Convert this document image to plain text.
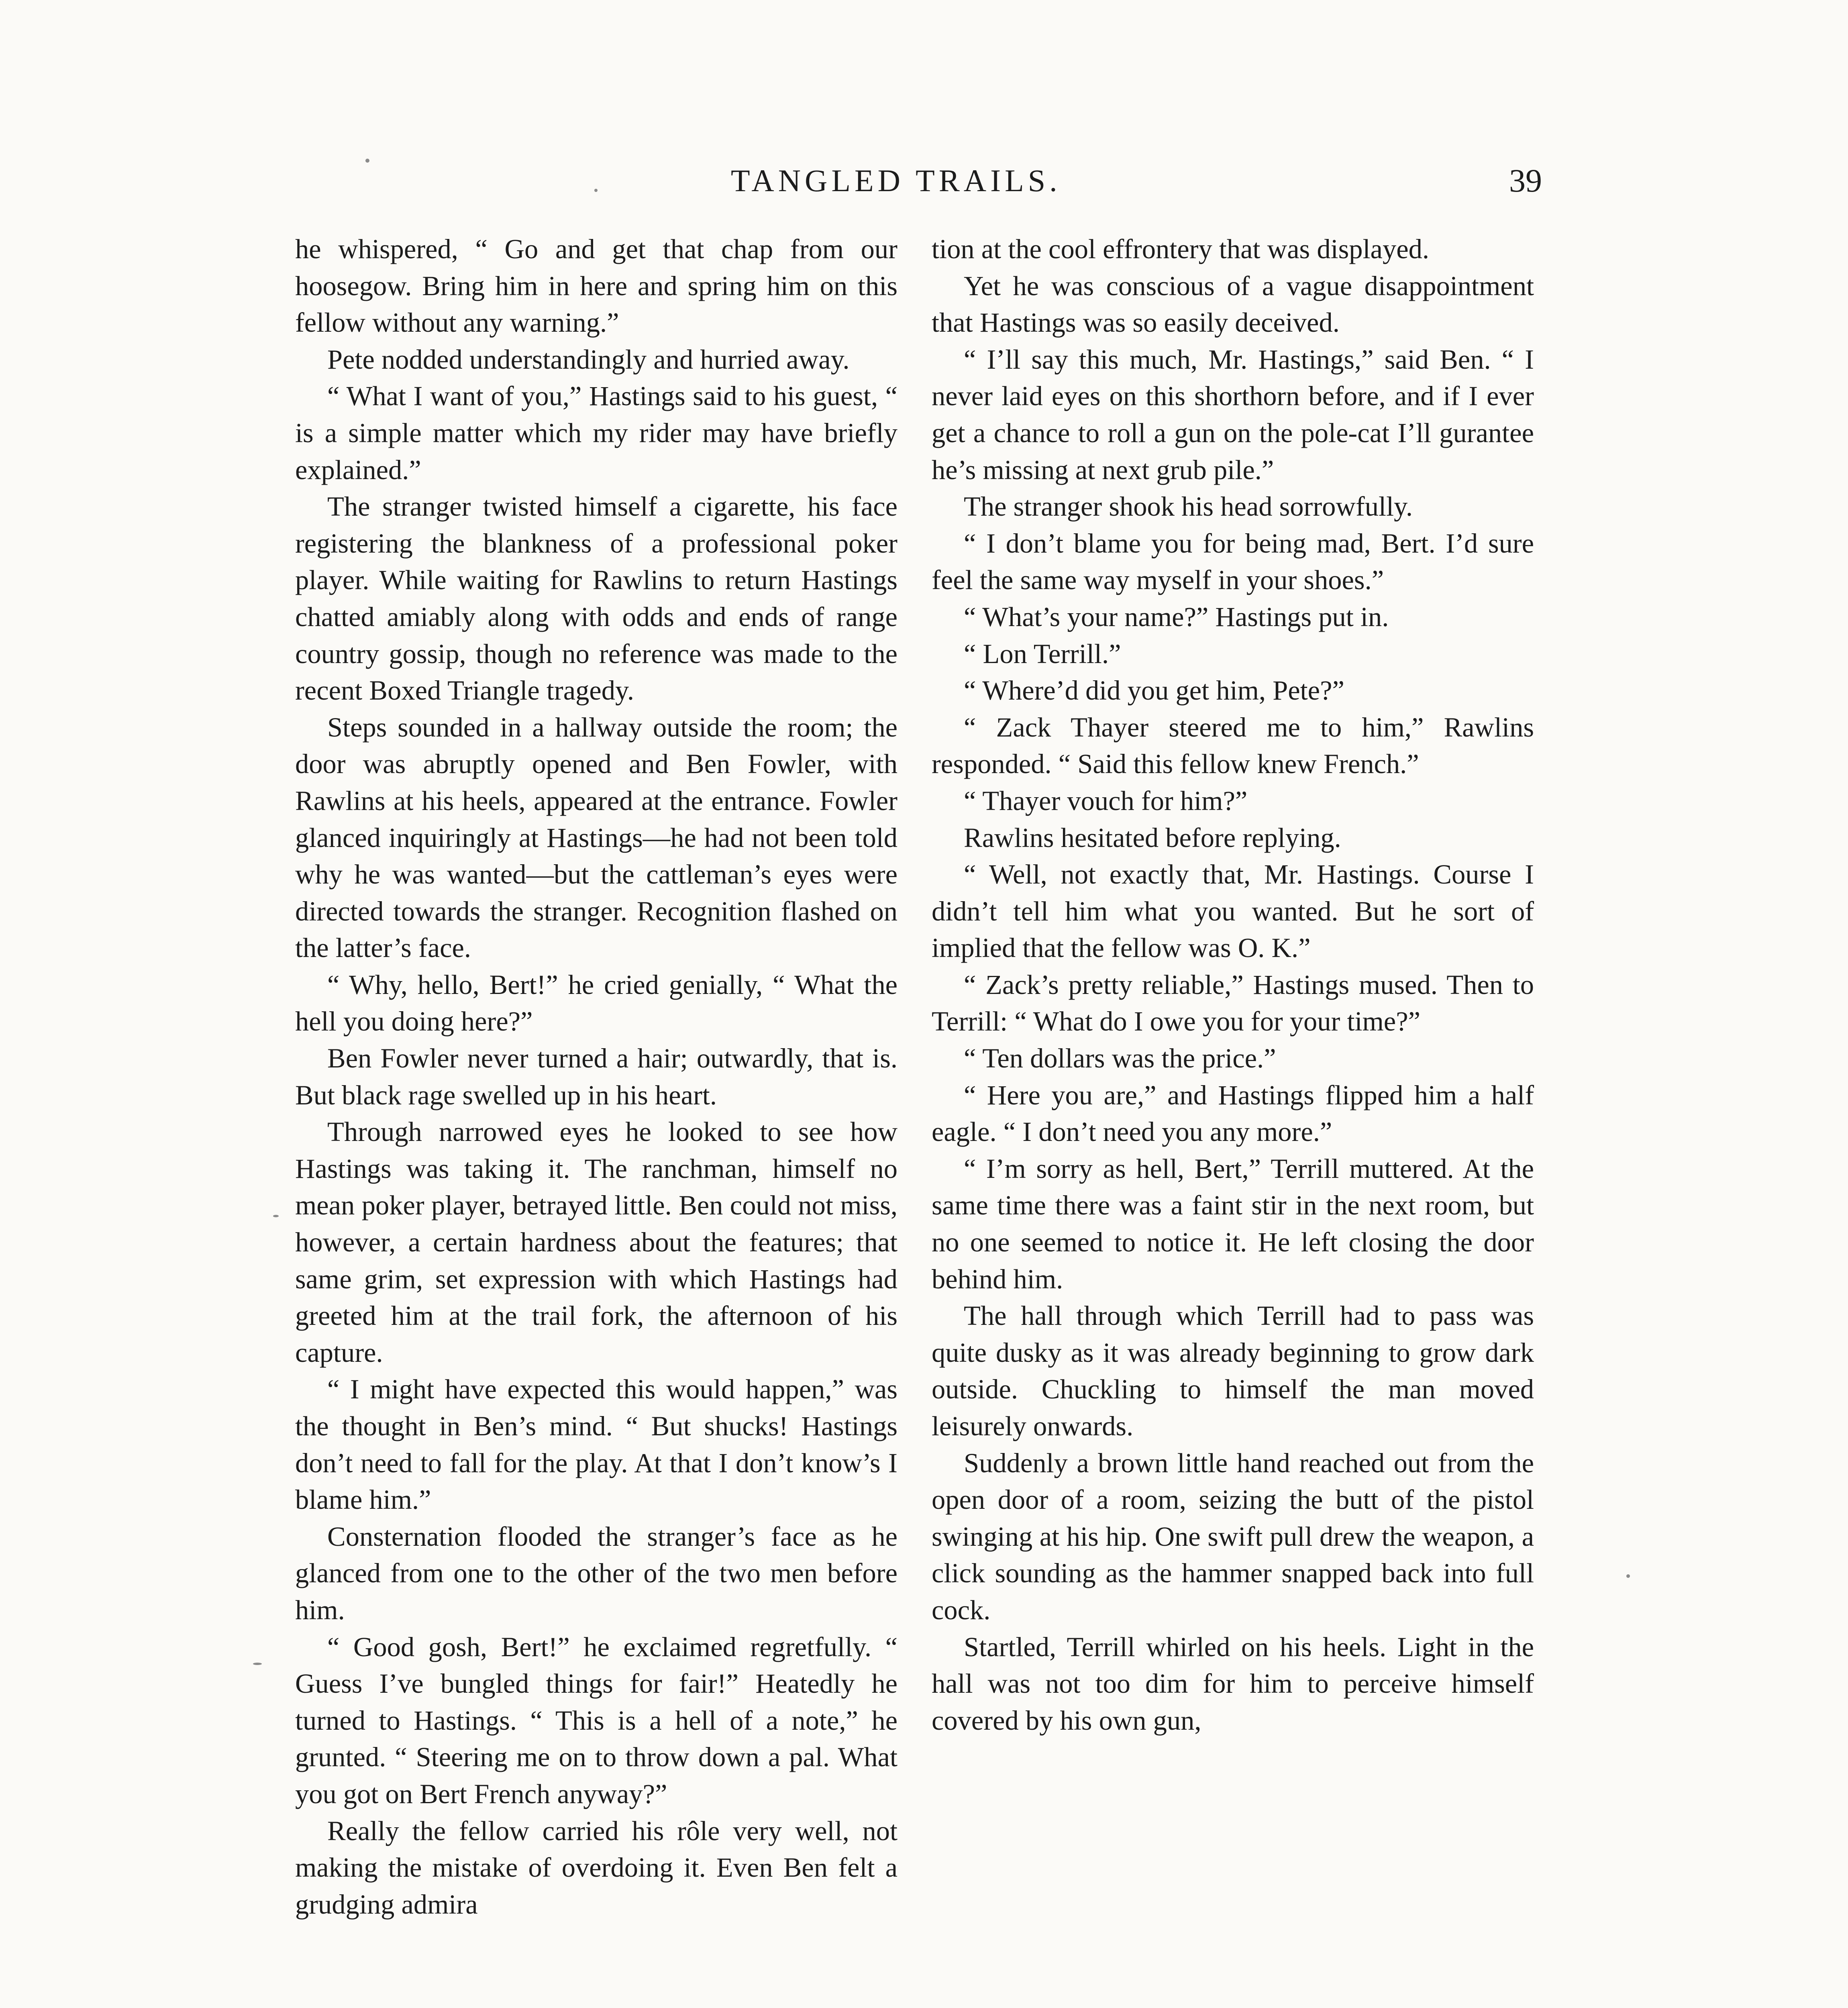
TANGLED TRAILS.	39

he whispered, “ Go and get that chap from our hoosegow. Bring him in here and spring him on this fellow without any warning.”

Pete nodded understandingly and hurried away.

“ What I want of you,” Hastings said to his guest, “ is a simple matter which my rider may have briefly explained.”

The stranger twisted himself a cigarette, his face registering the blankness of a professional poker player. While waiting for Rawlins to return Hastings chatted amiably along with odds and ends of range country gossip, though no reference was made to the recent Boxed Triangle tragedy.

Steps sounded in a hallway outside the room; the door was abruptly opened and Ben Fowler, with Rawlins at his heels, appeared at the entrance. Fowler glanced inquiringly at Hastings—he had not been told why he was wanted—but the cattleman’s eyes were directed towards the stranger. Recognition flashed on the latter’s face.

“ Why, hello, Bert!” he cried genially, “ What the hell you doing here?”

Ben Fowler never turned a hair; outwardly, that is. But black rage swelled up in his heart.

Through narrowed eyes he looked to see how Hastings was taking it. The ranchman, himself no mean poker player, betrayed little. Ben could not miss, however, a certain hardness about the features; that same grim, set expression with which Hastings had greeted him at the trail fork, the afternoon of his capture.

“ I might have expected this would happen,” was the thought in Ben’s mind. “ But shucks! Hastings don’t need to fall for the play. At that I don’t know’s I blame him.”

Consternation flooded the stranger’s face as he glanced from one to the other of the two men before him.

“ Good gosh, Bert!” he exclaimed regretfully. “ Guess I’ve bungled things for fair!” Heatedly he turned to Hastings. “ This is a hell of a note,” he grunted. “ Steering me on to throw down a pal. What you got on Bert French anyway?”

Really the fellow carried his rôle very well, not making the mistake of overdoing it. Even Ben felt a grudging admira

tion at the cool effrontery that was displayed.

Yet he was conscious of a vague disappointment that Hastings was so easily deceived.

“ I’ll say this much, Mr. Hastings,” said Ben. “ I never laid eyes on this shorthorn before, and if I ever get a chance to roll a gun on the pole-cat I’ll gurantee he’s missing at next grub pile.”

The stranger shook his head sorrowfully.

“ I don’t blame you for being mad, Bert. I’d sure feel the same way myself in your shoes.”

“ What’s your name?” Hastings put in.

“ Lon Terrill.”

“ Where’d did you get him, Pete?”

“ Zack Thayer steered me to him,” Rawlins responded. “ Said this fellow knew French.”

“ Thayer vouch for him?”

Rawlins hesitated before replying.

“ Well, not exactly that, Mr. Hastings. Course I didn’t tell him what you wanted. But he sort of implied that the fellow was O. K.”

“ Zack’s pretty reliable,” Hastings mused. Then to Terrill: “ What do I owe you for your time?”

“ Ten dollars was the price.”

“ Here you are,” and Hastings flipped him a half eagle. “ I don’t need you any more.”

“ I’m sorry as hell, Bert,” Terrill muttered. At the same time there was a faint stir in the next room, but no one seemed to notice it. He left closing the door behind him.

The hall through which Terrill had to pass was quite dusky as it was already beginning to grow dark outside. Chuckling to himself the man moved leisurely onwards.

Suddenly a brown little hand reached out from the open door of a room, seizing the butt of the pistol swinging at his hip. One swift pull drew the weapon, a click sounding as the hammer snapped back into full cock.

Startled, Terrill whirled on his heels. Light in the hall was not too dim for him to perceive himself covered by his own gun,
